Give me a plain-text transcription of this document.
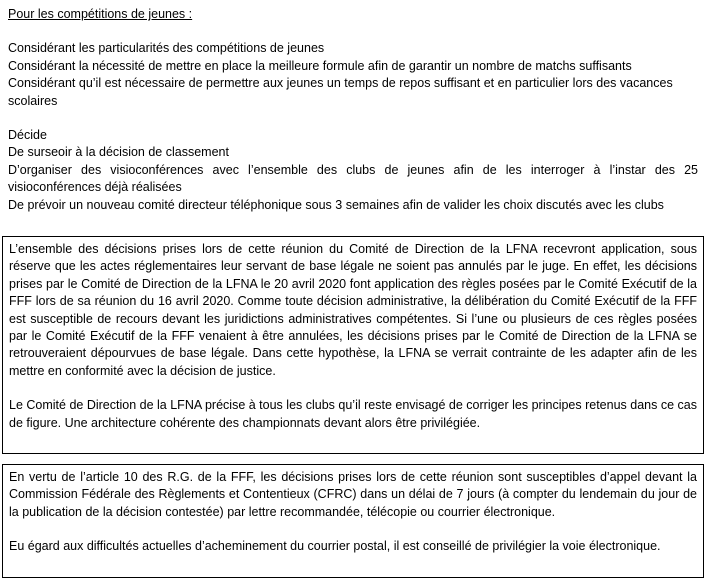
Pour les compétitions de jeunes :

Considérant les particularités des compétitions de jeunes

Considérant la nécessité de mettre en place la meilleure formule afin de garantir un nombre de matchs suffisants

Considérant qu’il est nécessaire de permettre aux jeunes un temps de repos suffisant et en particulier lors des vacances scolaires

Décide

De surseoir à la décision de classement

D’organiser des visioconférences avec l’ensemble des clubs de jeunes afin de les interroger à l’instar des 25 visioconférences déjà réalisées

De prévoir un nouveau comité directeur téléphonique sous 3 semaines afin de valider les choix discutés avec les clubs

L’ensemble des décisions prises lors de cette réunion du Comité de Direction de la LFNA recevront application, sous réserve que les actes réglementaires leur servant de base légale ne soient pas annulés par le juge. En effet, les décisions prises par le Comité de Direction de la LFNA le 20 avril 2020 font application des règles posées par le Comité Exécutif de la FFF lors de sa réunion du 16 avril 2020. Comme toute décision administrative, la délibération du Comité Exécutif de la FFF est susceptible de recours devant les juridictions administratives compétentes. Si l’une ou plusieurs de ces règles posées par le Comité Exécutif de la FFF venaient à être annulées, les décisions prises par le Comité de Direction de la LFNA se retrouveraient dépourvues de base légale. Dans cette hypothèse, la LFNA se verrait contrainte de les adapter afin de les mettre en conformité avec la décision de justice.

Le Comité de Direction de la LFNA précise à tous les clubs qu’il reste envisagé de corriger les principes retenus dans ce cas de figure. Une architecture cohérente des championnats devant alors être privilégiée.

En vertu de l’article 10 des R.G. de la FFF, les décisions prises lors de cette réunion sont susceptibles d’appel devant la Commission Fédérale des Règlements et Contentieux (CFRC) dans un délai de 7 jours (à compter du lendemain du jour de la publication de la décision contestée) par lettre recommandée, télécopie ou courrier électronique.

Eu égard aux difficultés actuelles d’acheminement du courrier postal, il est conseillé de privilégier la voie électronique.
